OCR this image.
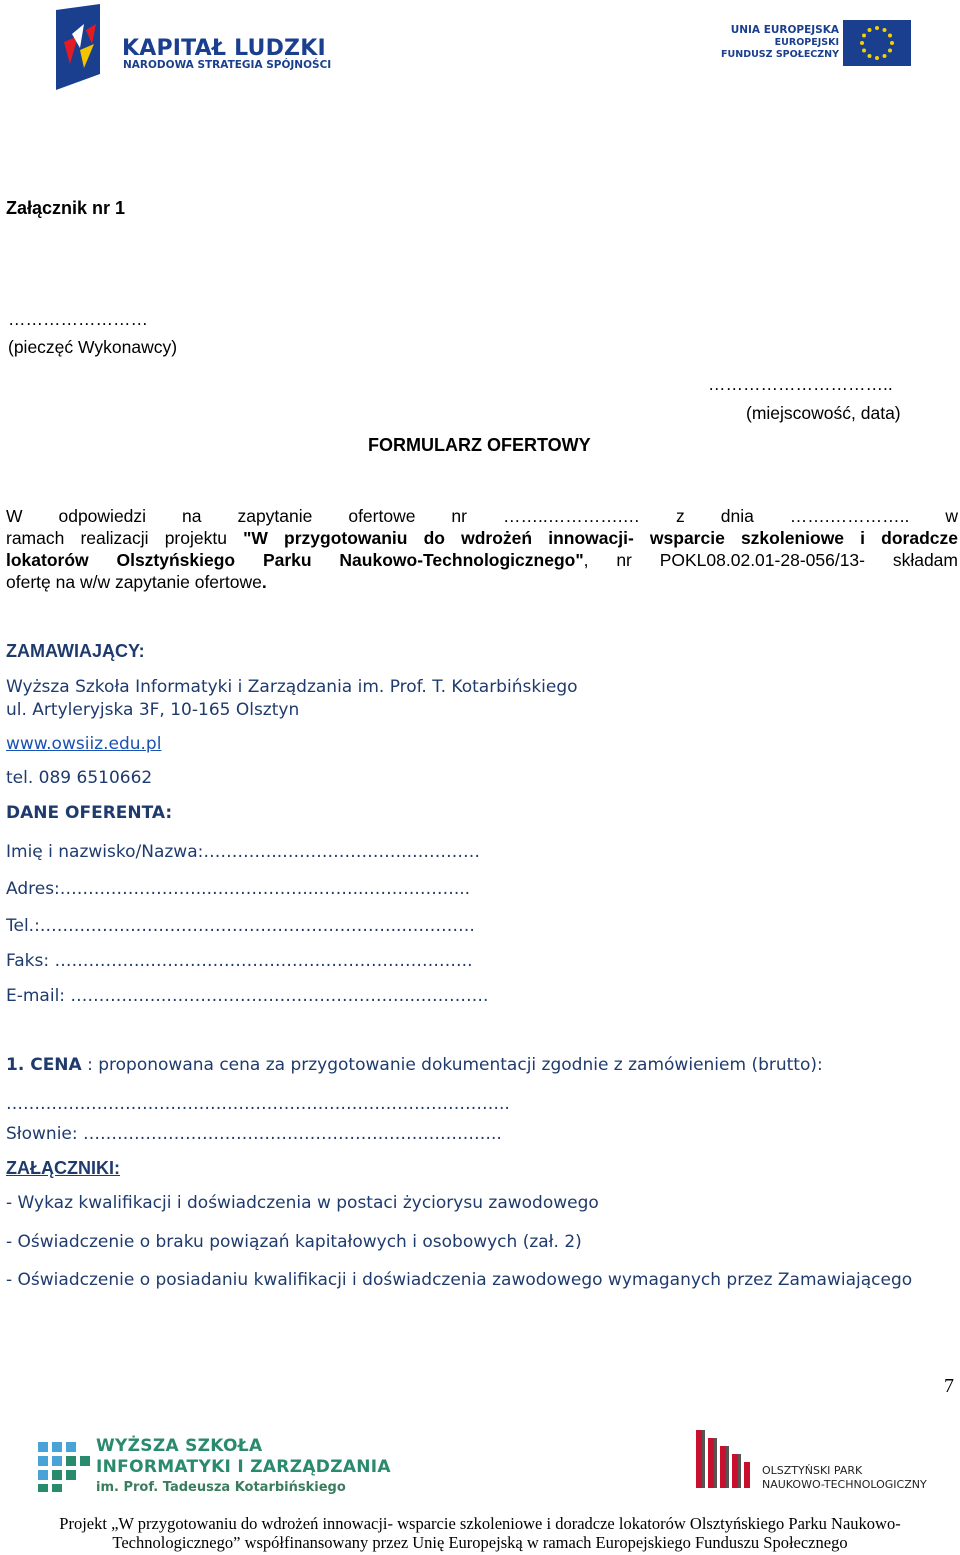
KAPITAŁ LUDZKI
NARODOWA STRATEGIA SPÓJNOŚCI
UNIA EUROPEJSKA
EUROPEJSKI
FUNDUSZ SPOŁECZNY
Załącznik nr 1
……………………
(pieczęć Wykonawcy)
…………………………..
(miejscowość, data)
FORMULARZ OFERTOWY
W odpowiedzi na zapytanie ofertowe nr ……..………….… z dnia …….………….. w
ramach realizacji projektu "W przygotowaniu do wdrożeń innowacji- wsparcie szkoleniowe i doradcze
lokatorów Olsztyńskiego Parku Naukowo-Technologicznego", nr POKL08.02.01-28-056/13- składam
ofertę na w/w zapytanie ofertowe.
ZAMAWIAJĄCY:
Wyższa Szkoła Informatyki i Zarządzania im. Prof. T. Kotarbińskiego
ul. Artyleryjska 3F, 10-165 Olsztyn
www.owsiiz.edu.pl
tel. 089 6510662
DANE OFERENTA:
Imię i nazwisko/Nazwa:…………..…………………..…………
Adres:……………………...….…………...……..……….……...
Tel.:……………..………………………………………..………….
Faks: ……………..………………………….……………………..
E-mail: ……………..……………………………………..………….
1. CENA : proponowana cena za przygotowanie dokumentacji zgodnie z zamówieniem (brutto):
……………………………………………………………………………..
Słownie: ………………………………………………………………..
ZAŁĄCZNIKI:
- Wykaz kwalifikacji i doświadczenia w postaci życiorysu zawodowego
- Oświadczenie o braku powiązań kapitałowych i osobowych (zał. 2)
- Oświadczenie o posiadaniu kwalifikacji i doświadczenia zawodowego wymaganych przez Zamawiającego
7
WYŻSZA SZKOŁA
INFORMATYKI I ZARZĄDZANIA
im. Prof. Tadeusza Kotarbińskiego
OLSZTYŃSKI PARK
NAUKOWO-TECHNOLOGICZNY
Projekt „W przygotowaniu do wdrożeń innowacji- wsparcie szkoleniowe i doradcze lokatorów Olsztyńskiego Parku Naukowo-
Technologicznego” współfinansowany przez Unię Europejską w ramach Europejskiego Funduszu Społecznego
